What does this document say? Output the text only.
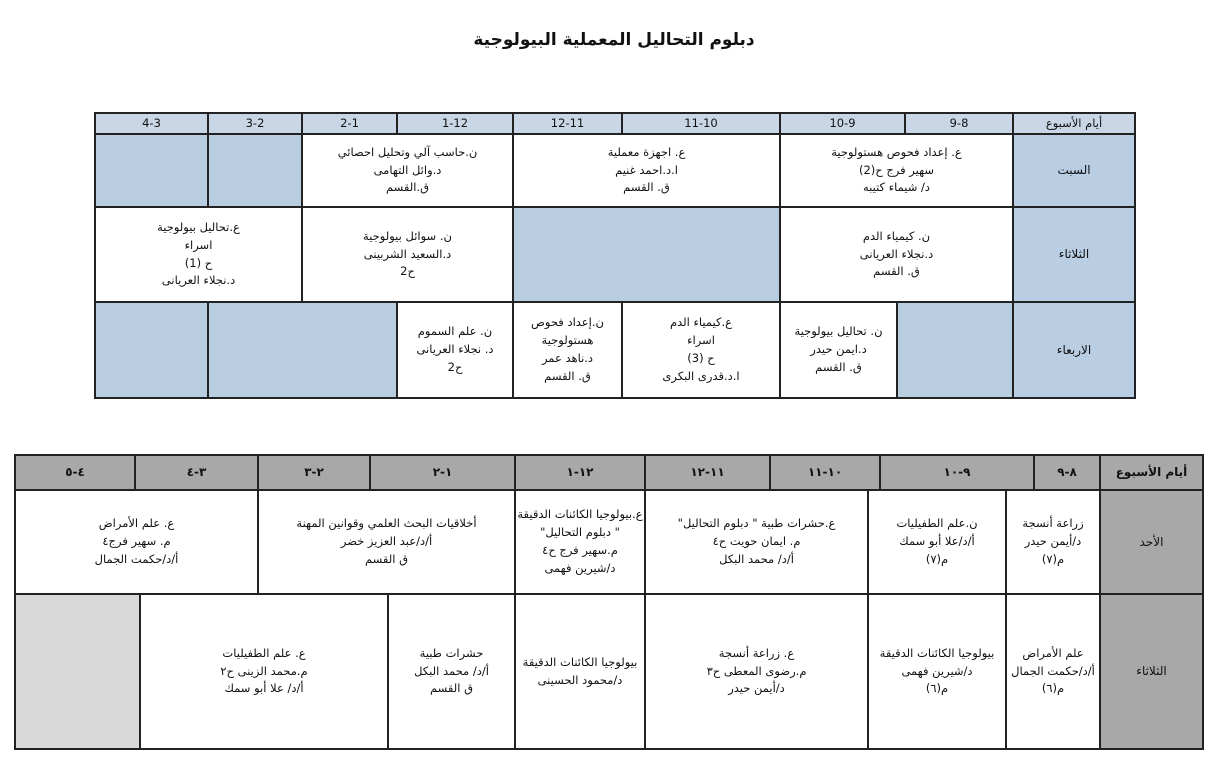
دبلوم التحاليل المعملية البيولوجية
أيام الأسبوع
9-8
10-9
11-10
12-11
1-12
2-1
3-2
4-3
السبت
ع. إعداد فحوص هستولوجية
سهير فرج ح(2)
د/ شيماء كتيبه
ع. اجهزة معملية
ا.د.احمد غنيم
ق. القسم
ن.حاسب آلي وتحليل احصائي
د.وائل التهامى
ق.القسم
الثلاثاء
ن. كيمياء الدم
د.نجلاء العريانى
ق. القسم
ن. سوائل بيولوجية
د.السعيد الشربينى
ح2
ع.تحاليل بيولوجية
اسراء
ح (1)
د.نجلاء العريانى
الاربعاء
ن. تحاليل بيولوجية
د.ايمن حيدر
ق. القسم
ع.كيمياء الدم
اسراء
ح (3)
ا.د.قدرى البكرى
ن.إعداد فحوص
هستولوجية
د.ناهد عمر
ق. القسم
ن. علم السموم
د. نجلاء العريانى
ح2
أيام الأسبوع
٨-٩
٩-١٠
١٠-١١
١١-١٢
١٢-١
١-٢
٢-٣
٣-٤
٤-٥
الأحد
زراعة أنسجة
د/أيمن حيدر
م(٧)
ن.علم الطفيليات
أ/د/علا أبو سمك
م(٧)
ع.حشرات طبية " دبلوم التحاليل"
م. ايمان حويت ح٤
أ/د/ محمد البكل
ع.بيولوجيا الكائنات الدقيقة
" دبلوم التحاليل"
م.سهير فرج ح٤
د/شيرين فهمى
أخلاقيات البحث العلمي وقوانين المهنة
أ/د/عبد العزيز خضر
ق القسم
ع. علم الأمراض
م. سهير فرج٤
أ/د/حكمت الجمال
الثلاثاء
علم الأمراض
أ/د/حكمت الجمال
م(٦)
بيولوجيا الكائنات الدقيقة
د/شيرين فهمى
م(٦)
ع. زراعة أنسجة
م.رضوى المعطى ح٣
د/أيمن حيدر
بيولوجيا الكائنات الدقيقة
د/محمود الحسينى
حشرات طبية
أ/د/ محمد البكل
ق القسم
ع. علم الطفيليات
م.محمد الزينى ح٢
أ/د/ علا أبو سمك
